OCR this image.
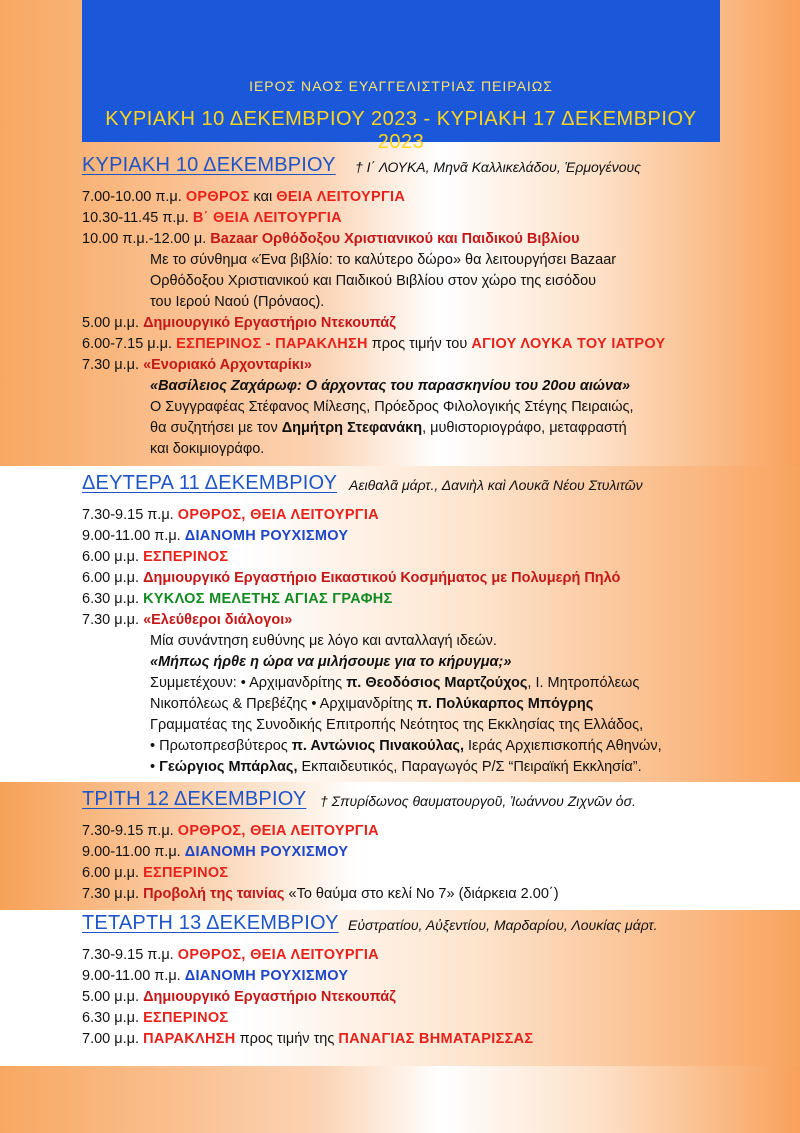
ΙΕΡΟΣ ΝΑΟΣ ΕΥΑΓΓΕΛΙΣΤΡΙΑΣ ΠΕΙΡΑΙΩΣ
ΚΥΡΙΑΚΗ 10 ΔΕΚΕΜΒΡΙΟΥ 2023 - ΚΥΡΙΑΚΗ 17 ΔΕΚΕΜΒΡΙΟΥ 2023
ΚΥΡΙΑΚΗ 10 ΔΕΚΕΜΒΡΙΟΥ † Ι΄ ΛΟΥΚΑ, Μηνᾶ Καλλικελάδου, Ἑρμογένους
7.00-10.00 π.μ. ΟΡΘΡΟΣ και ΘΕΙΑ ΛΕΙΤΟΥΡΓΙΑ
10.30-11.45 π.μ. Β΄ ΘΕΙΑ ΛΕΙΤΟΥΡΓΙΑ
10.00 π.μ.-12.00 μ. Bazaar Ορθόδοξου Χριστιανικού και Παιδικού Βιβλίου
Με το σύνθημα «Ένα βιβλίο: το καλύτερο δώρο» θα λειτουργήσει Bazaar
Ορθόδοξου Χριστιανικού και Παιδικού Βιβλίου στον χώρο της εισόδου
του Ιερού Ναού (Πρόναος).
5.00 μ.μ. Δημιουργικό Εργαστήριο Ντεκουπάζ
6.00-7.15 μ.μ. ΕΣΠΕΡΙΝΟΣ - ΠΑΡΑΚΛΗΣΗ προς τιμήν του ΑΓΙΟΥ ΛΟΥΚΑ ΤΟΥ ΙΑΤΡΟΥ
7.30 μ.μ. «Ενοριακό Αρχονταρίκι»
«Βασίλειος Ζαχάρωφ: Ο άρχοντας του παρασκηνίου του 20ου αιώνα»
Ο Συγγραφέας Στέφανος Μίλεσης, Πρόεδρος Φιλολογικής Στέγης Πειραιώς,
θα συζητήσει με τον Δημήτρη Στεφανάκη, μυθιστοριογράφο, μεταφραστή
και δοκιμιογράφο.
ΔΕΥΤΕΡΑ 11 ΔΕΚΕΜΒΡΙΟΥ Αειθαλᾶ μάρτ., Δανιὴλ καὶ Λουκᾶ Νέου Στυλιτῶν
7.30-9.15 π.μ. ΟΡΘΡΟΣ, ΘΕΙΑ ΛΕΙΤΟΥΡΓΙΑ
9.00-11.00 π.μ. ΔΙΑΝΟΜΗ ΡΟΥΧΙΣΜΟΥ
6.00 μ.μ. ΕΣΠΕΡΙΝΟΣ
6.00 μ.μ. Δημιουργικό Εργαστήριο Εικαστικού Κοσμήματος με Πολυμερή Πηλό
6.30 μ.μ. ΚΥΚΛΟΣ ΜΕΛΕΤΗΣ ΑΓΙΑΣ ΓΡΑΦΗΣ
7.30 μ.μ. «Ελεύθεροι διάλογοι»
Μία συνάντηση ευθύνης με λόγο και ανταλλαγή ιδεών.
«Μήπως ήρθε η ώρα να μιλήσουμε για το κήρυγμα;»
Συμμετέχουν: • Αρχιμανδρίτης π. Θεοδόσιος Μαρτζούχος, Ι. Μητροπόλεως
Νικοπόλεως & Πρεβέζης • Αρχιμανδρίτης π. Πολύκαρπος Μπόγρης
Γραμματέας της Συνοδικής Επιτροπής Νεότητος της Εκκλησίας της Ελλάδος,
• Πρωτοπρεσβύτερος π. Αντώνιος Πινακούλας, Ιεράς Αρχιεπισκοπής Αθηνών,
• Γεώργιος Μπάρλας, Εκπαιδευτικός, Παραγωγός Ρ/Σ “Πειραϊκή Εκκλησία”.
ΤΡΙΤΗ 12 ΔΕΚΕΜΒΡΙΟΥ † Σπυρίδωνος θαυματουργοῦ, Ἰωάννου Ζιχνῶν ὁσ.
7.30-9.15 π.μ. ΟΡΘΡΟΣ, ΘΕΙΑ ΛΕΙΤΟΥΡΓΙΑ
9.00-11.00 π.μ. ΔΙΑΝΟΜΗ ΡΟΥΧΙΣΜΟΥ
6.00 μ.μ. ΕΣΠΕΡΙΝΟΣ
7.30 μ.μ. Προβολή της ταινίας «Το θαύμα στο κελί Νο 7» (διάρκεια 2.00΄)
ΤΕΤΑΡΤΗ 13 ΔΕΚΕΜΒΡΙΟΥ Εὐστρατίου, Αὐξεντίου, Μαρδαρίου, Λουκίας μάρτ.
7.30-9.15 π.μ. ΟΡΘΡΟΣ, ΘΕΙΑ ΛΕΙΤΟΥΡΓΙΑ
9.00-11.00 π.μ. ΔΙΑΝΟΜΗ ΡΟΥΧΙΣΜΟΥ
5.00 μ.μ. Δημιουργικό Εργαστήριο Ντεκουπάζ
6.30 μ.μ. ΕΣΠΕΡΙΝΟΣ
7.00 μ.μ. ΠΑΡΑΚΛΗΣΗ προς τιμήν της ΠΑΝΑΓΙΑΣ ΒΗΜΑΤΑΡΙΣΣΑΣ
